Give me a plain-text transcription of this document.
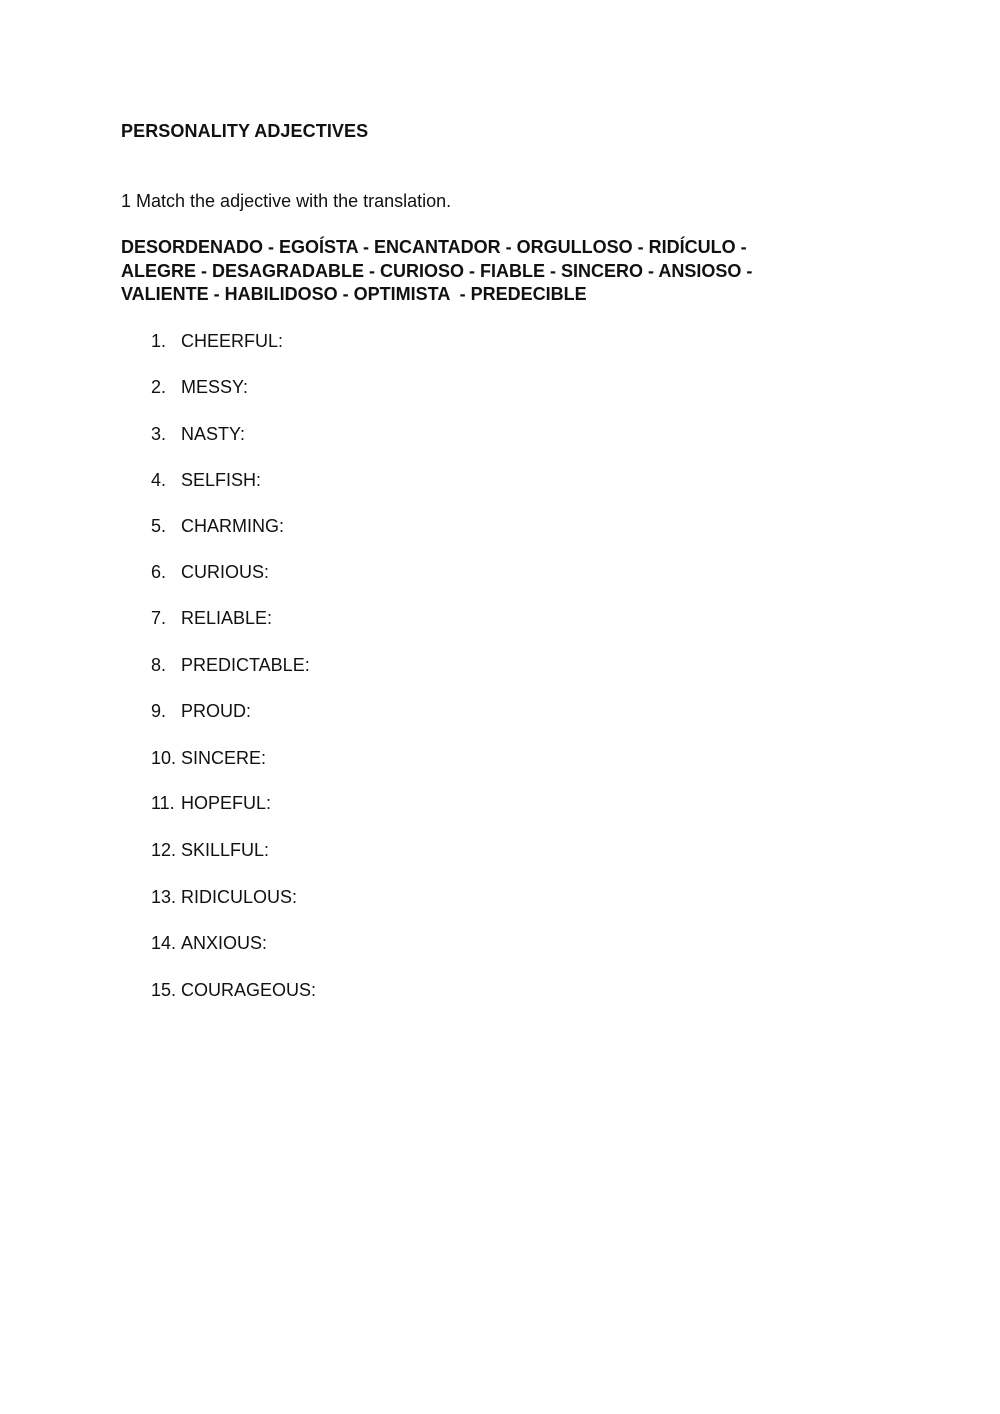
PERSONALITY ADJECTIVES
1 Match the adjective with the translation.
DESORDENADO - EGOÍSTA - ENCANTADOR - ORGULLOSO - RIDÍCULO -
ALEGRE - DESAGRADABLE - CURIOSO - FIABLE - SINCERO - ANSIOSO -
VALIENTE - HABILIDOSO - OPTIMISTA  - PREDECIBLE
1. CHEERFUL:
2. MESSY:
3. NASTY:
4. SELFISH:
5. CHARMING:
6. CURIOUS:
7. RELIABLE:
8. PREDICTABLE:
9. PROUD:
10. SINCERE:
11. HOPEFUL:
12. SKILLFUL:
13. RIDICULOUS:
14. ANXIOUS:
15. COURAGEOUS:
